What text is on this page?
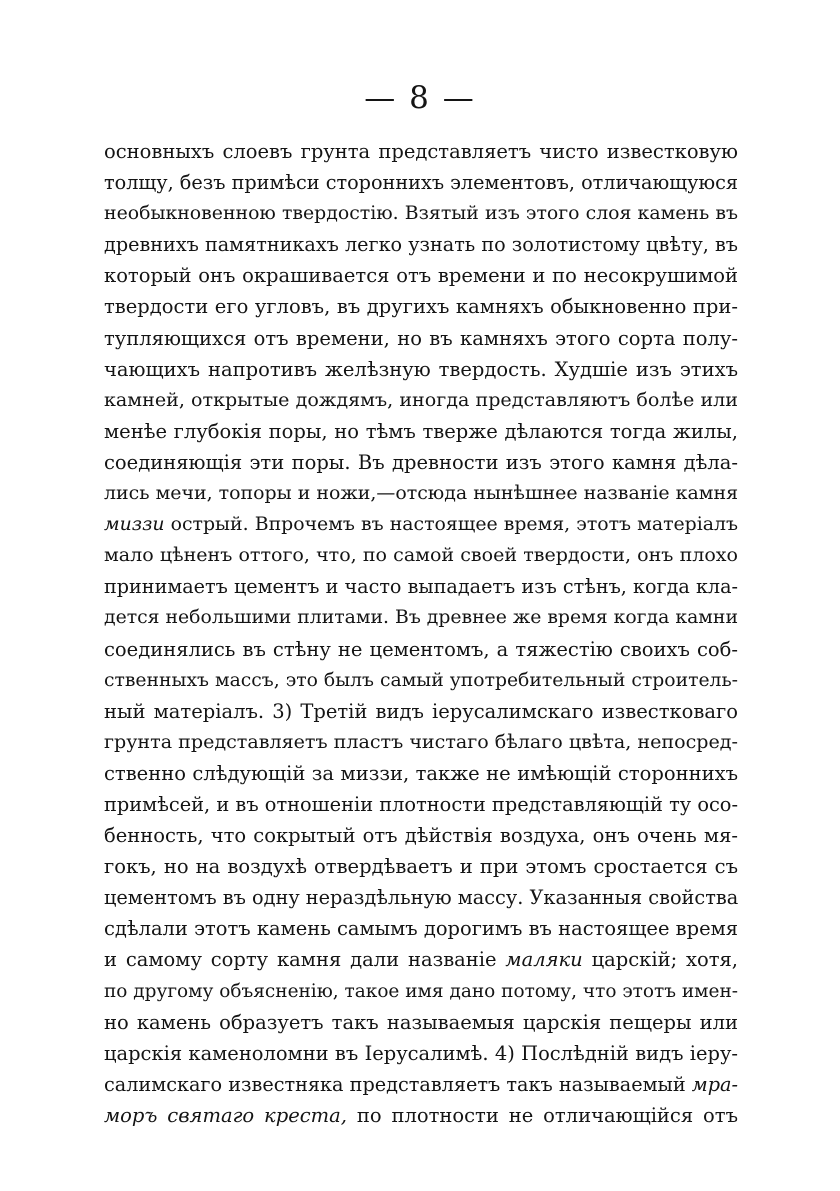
— 8 —
основныхъ слоевъ грунта представляетъ чисто известковую
толщу, безъ примѣси стороннихъ элементовъ, отличающуюся
необыкновенною твердостію. Взятый изъ этого слоя камень въ
древнихъ памятникахъ легко узнать по золотистому цвѣту, въ
который онъ окрашивается отъ времени и по несокрушимой
твердости его угловъ, въ другихъ камняхъ обыкновенно при-
тупляющихся отъ времени, но въ камняхъ этого сорта полу-
чающихъ напротивъ желѣзную твердость. Худшіе изъ этихъ
камней, открытые дождямъ, иногда представляютъ болѣе или
менѣе глубокія поры, но тѣмъ тверже дѣлаются тогда жилы,
соединяющія эти поры. Въ древности изъ этого камня дѣла-
лись мечи, топоры и ножи,—отсюда нынѣшнее названіе камня
миззи острый. Впрочемъ въ настоящее время, этотъ матеріалъ
мало цѣненъ оттого, что, по самой своей твердости, онъ плохо
принимаетъ цементъ и часто выпадаетъ изъ стѣнъ, когда кла-
дется небольшими плитами. Въ древнее же время когда камни
соединялись въ стѣну не цементомъ, а тяжестію своихъ соб-
ственныхъ массъ, это былъ самый употребительный строитель-
ный матеріалъ. 3) Третій видъ іерусалимскаго известковаго
грунта представляетъ пластъ чистаго бѣлаго цвѣта, непосред-
ственно слѣдующій за миззи, также не имѣющій стороннихъ
примѣсей, и въ отношеніи плотности представляющій ту осо-
бенность, что сокрытый отъ дѣйствія воздуха, онъ очень мя-
гокъ, но на воздухѣ отвердѣваетъ и при этомъ сростается съ
цементомъ въ одну нераздѣльную массу. Указанныя свойства
сдѣлали этотъ камень самымъ дорогимъ въ настоящее время
и самому сорту камня дали названіе маляки царскій; хотя,
по другому объясненію, такое имя дано потому, что этотъ имен-
но камень образуетъ такъ называемыя царскія пещеры или
царскія каменоломни въ Іерусалимѣ. 4) Послѣдній видъ іеру-
салимскаго известняка представляетъ такъ называемый мра-
моръ святаго креста, по плотности не отличающійся отъ
